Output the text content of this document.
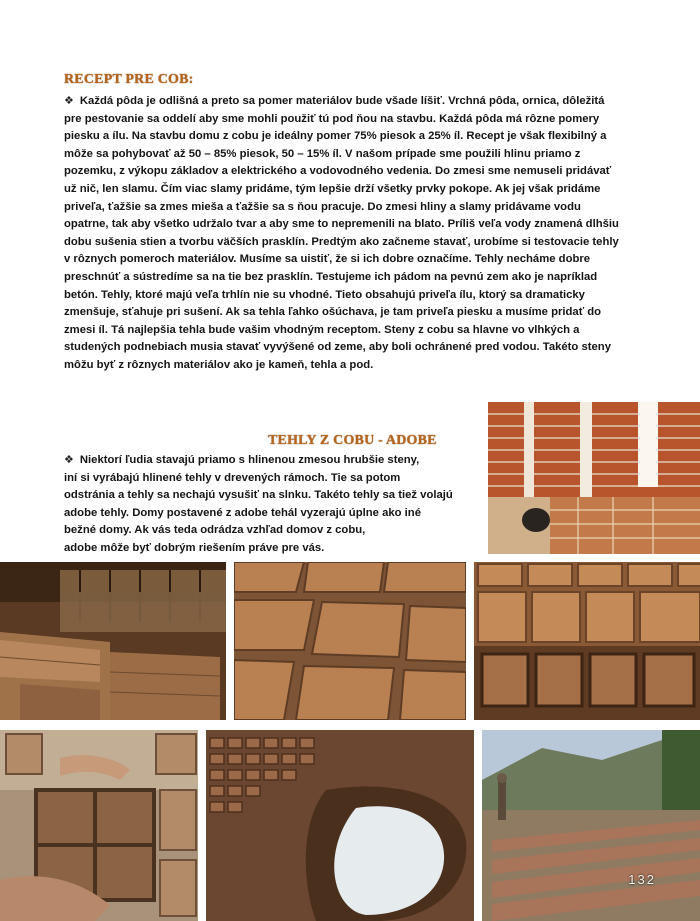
RECEPT PRE COB:
❖ Každá pôda je odlišná a preto sa pomer materiálov bude všade líšiť. Vrchná pôda, ornica, dôležitá pre pestovanie sa oddelí aby sme mohli použiť tú pod ňou na stavbu. Každá pôda má rôzne pomery piesku a ílu. Na stavbu domu z cobu je ideálny pomer 75% piesok a 25% íl. Recept je však flexibilný a môže sa pohybovať až 50 – 85% piesok, 50 – 15% íl. V našom prípade sme použili hlinu priamo z pozemku, z výkopu základov a elektrického a vodovodného vedenia. Do zmesi sme nemuseli pridávať už nič, len slamu. Čím viac slamy pridáme, tým lepšie drží všetky prvky pokope. Ak jej však pridáme priveľa, ťažšie sa zmes mieša a ťažšie sa s ňou pracuje. Do zmesi hliny a slamy pridávame vodu opatrne, tak aby všetko udržalo tvar a aby sme to nepremenili na blato. Príliš veľa vody znamená dlhšiu dobu sušenia stien a tvorbu väčších prasklín. Predtým ako začneme stavať, urobíme si testovacie tehly v rôznych pomeroch materiálov. Musíme sa uistiť, že si ich dobre označíme. Tehly necháme dobre preschnúť a sústredíme sa na tie bez prasklín. Testujeme ich pádom na pevnú zem ako je napríklad betón. Tehly, ktoré majú veľa trhlín nie su vhodné. Tieto obsahujú priveľa ílu, ktorý sa dramaticky zmenšuje, sťahuje pri sušení. Ak sa tehla ľahko ošúchava, je tam priveľa piesku a musíme pridať do zmesi íl. Tá najlepšia tehla bude vašim vhodným receptom. Steny z cobu sa hlavne vo vlhkých a studených podnebiach musia stavať vyvýšené od zeme, aby boli ochránené pred vodou. Takéto steny môžu byť z rôznych materiálov ako je kameň, tehla a pod.
TEHLY Z COBU - ADOBE
❖ Niektorí ľudia stavajú priamo s hlinenou zmesou hrubšie steny,
iní si vyrábajú hlinené tehly v drevených rámoch. Tie sa potom
odstránia a tehly sa nechajú vysušiť na slnku. Takéto tehly sa tiež volajú
adobe tehly. Domy postavené z adobe tehál vyzerajú úplne ako iné
bežné domy. Ak vás teda odrádza vzhľad domov z cobu,
adobe môže byť dobrým riešením práve pre vás.
132
